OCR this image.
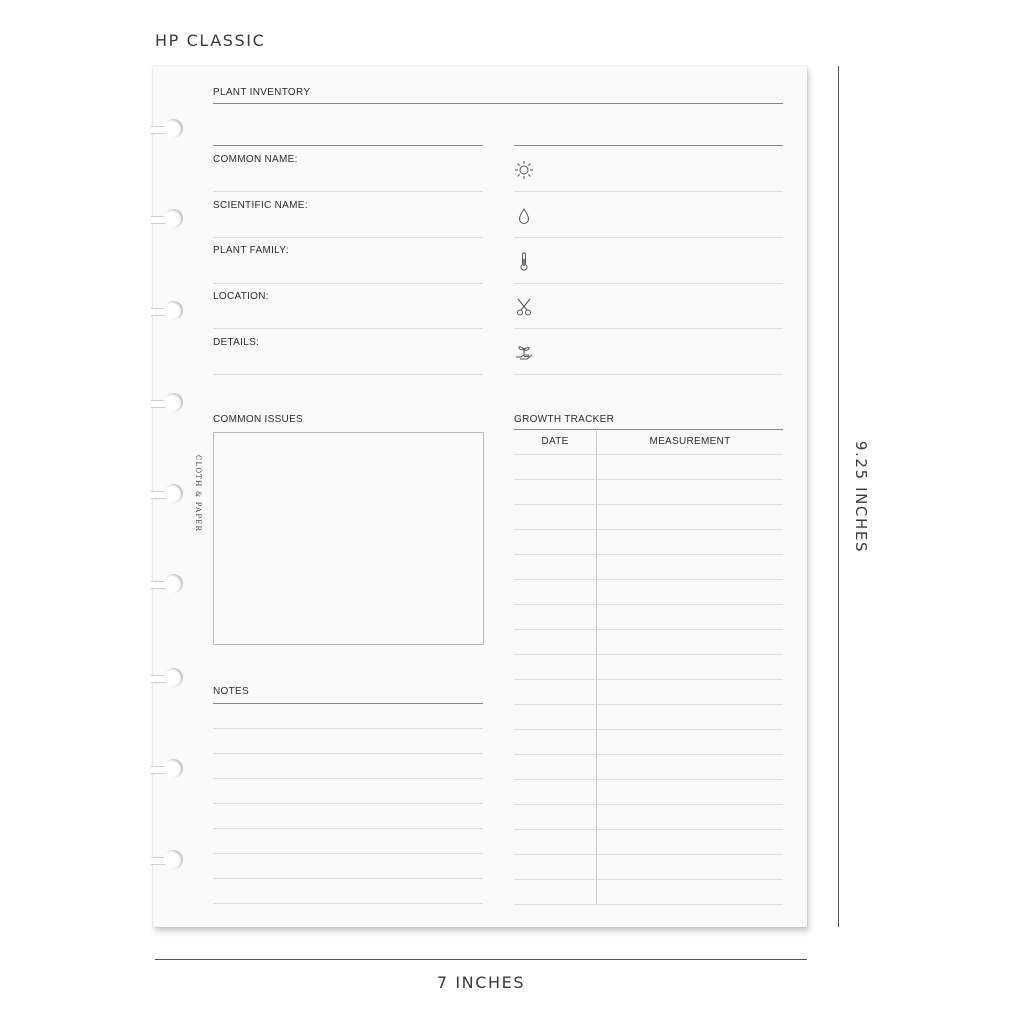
HP CLASSIC
7 INCHES
9.25 INCHES
CLOTH & PAPER
PLANT INVENTORY
COMMON NAME:
SCIENTIFIC NAME:
PLANT FAMILY:
LOCATION:
DETAILS:
COMMON ISSUES
NOTES
GROWTH TRACKER
DATE	MEASUREMENT
